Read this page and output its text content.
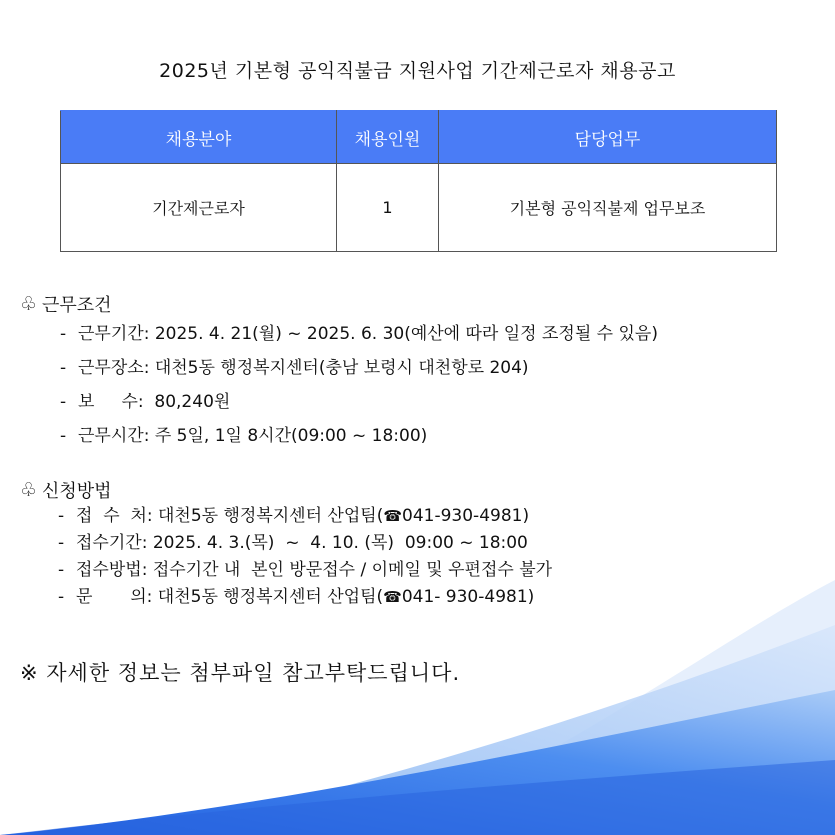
2025년 기본형 공익직불금 지원사업 기간제근로자 채용공고
채용분야	채용인원	담당업무
기간제근로자	1	기본형 공익직불제 업무보조
♧ 근무조건
- 근무기간: 2025. 4. 21(월) ~ 2025. 6. 30(예산에 따라 일정 조정될 수 있음)
- 근무장소: 대천5동 행정복지센터(충남 보령시 대천항로 204)
- 보     수:  80,240원
- 근무시간: 주 5일, 1일 8시간(09:00 ~ 18:00)
♧ 신청방법
- 접  수  처: 대천5동 행정복지센터 산업팀(☎041-930-4981)
- 접수기간: 2025. 4. 3.(목)  ~  4. 10. (목)  09:00 ~ 18:00
- 접수방법: 접수기간 내  본인 방문접수 / 이메일 및 우편접수 불가
- 문       의: 대천5동 행정복지센터 산업팀(☎041- 930-4981)
※ 자세한 정보는 첨부파일 참고부탁드립니다.
